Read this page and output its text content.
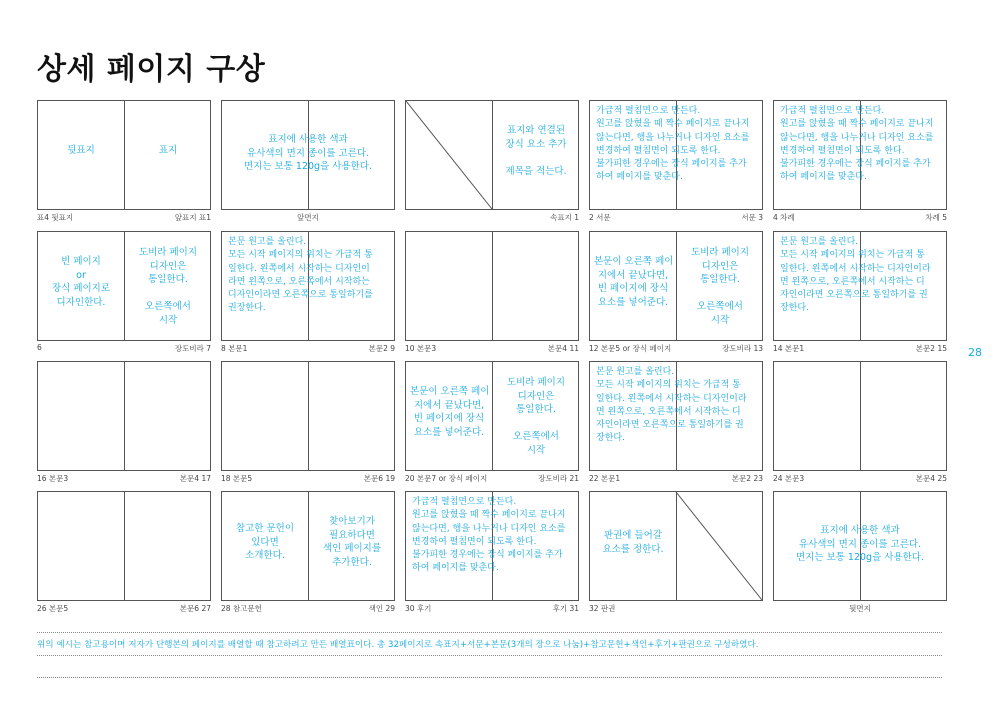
상세 페이지 구상
28
뒷표지	표지
표4 뒷표지	앞표지 표1
표지에 사용한 색과
유사색의 면지 종이를 고른다.
면지는 보통 120g을 사용한다.
앞면지
표지와 연결된
장식 요소 추가

제목을 적는다.
속표지 1
가급적 펼침면으로 만든다.
원고를 앉혔을 때 짝수 페이지로 끝나지
않는다면, 행을 나누거나 디자인 요소를
변경하여 펼침면이 되도록 한다.
불가피한 경우에는 장식 페이지를 추가
하여 페이지를 맞춘다.
2 서문	서문 3
가급적 펼침면으로 만든다.
원고를 앉혔을 때 짝수 페이지로 끝나지
않는다면, 행을 나누거나 디자인 요소를
변경하여 펼침면이 되도록 한다.
불가피한 경우에는 장식 페이지를 추가
하여 페이지를 맞춘다.
4 차례	차례 5
빈 페이지
or
장식 페이지로
디자인한다.
도비라 페이지
디자인은
통일한다.

오른쪽에서
시작
6	장도비라 7
본문 원고를 올린다.
모든 시작 페이지의 위치는 가급적 통
일한다. 왼쪽에서 시작하는 디자인이
라면 왼쪽으로, 오른쪽에서 시작하는
디자인이라면 오른쪽으로 통일하기를
권장한다.
8 본문1	본문2 9 10 본문3	본문4 11
본문이 오른쪽 페이
지에서 끝났다면,
빈 페이지에 장식
요소를 넣어준다.
도비라 페이지
디자인은
통일한다.

오른쪽에서
시작
12 본문5 or 장식 페이지	장도비라 13
본문 원고를 올린다.
모든 시작 페이지의 위치는 가급적 통
일한다. 왼쪽에서 시작하는 디자인이라
면 왼쪽으로, 오른쪽에서 시작하는 디
자인이라면 오른쪽으로 통일하기를 권
장한다.
14 본문1	본문2 15
16 본문3	본문4 17 18 본문5	본문6 19
본문이 오른쪽 페이
지에서 끝났다면,
빈 페이지에 장식
요소를 넣어준다.
도비라 페이지
디자인은
통일한다.

오른쪽에서
시작
20 본문7 or 장식 페이지	장도비라 21
본문 원고를 올린다.
모든 시작 페이지의 위치는 가급적 통
일한다. 왼쪽에서 시작하는 디자인이라
면 왼쪽으로, 오른쪽에서 시작하는 디
자인이라면 오른쪽으로 통일하기를 권
장한다.
22 본문1	본문2 23 24 본문3	본문4 25
26 본문5	본문6 27
참고한 문헌이
있다면
소개한다.
찾아보기가
필요하다면
색인 페이지를
추가한다.
28 참고문헌	색인 29
가급적 펼침면으로 만든다.
원고를 앉혔을 때 짝수 페이지로 끝나지
않는다면, 행을 나누거나 디자인 요소를
변경하여 펼침면이 되도록 한다.
불가피한 경우에는 장식 페이지를 추가
하여 페이지를 맞춘다.
30 후기	후기 31
판권에 들어갈
요소를 정한다.
32 판권
표지에 사용한 색과
유사색의 면지 종이를 고른다.
면지는 보통 120g을 사용한다.
뒷면지
위의 예시는 참고용이며 저자가 단행본의 페이지를 배열할 때 참고하려고 만든 배열표이다. 총 32페이지로 속표지+서문+본문(3개의 장으로 나눔)+참고문헌+색인+후기+판권으로 구성하였다.
